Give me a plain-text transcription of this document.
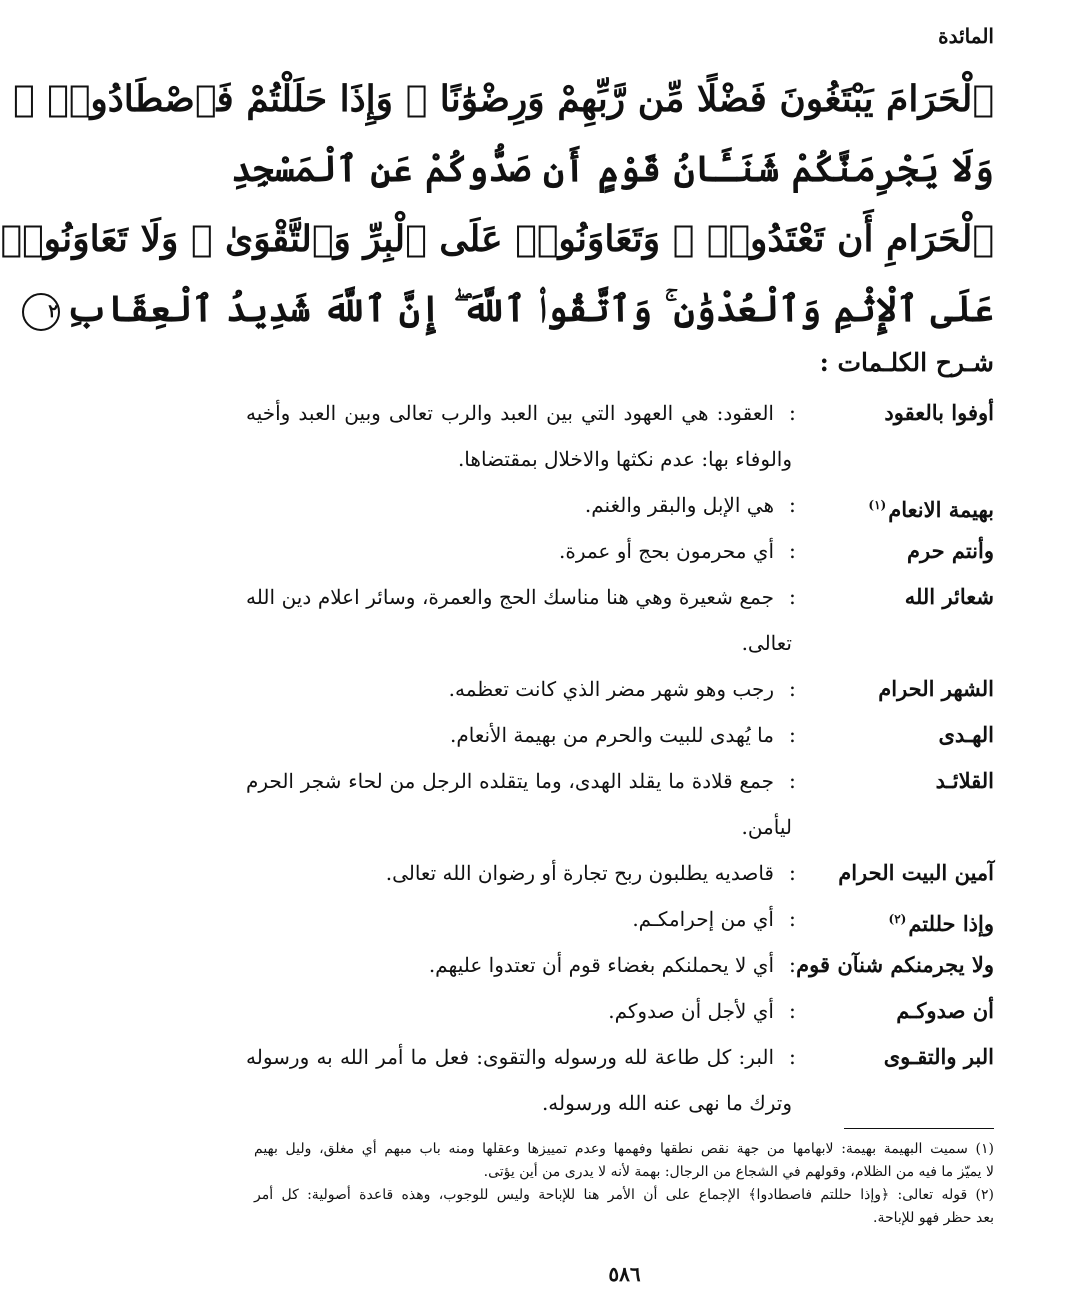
المائدة
ٱلْحَرَامَ يَبْتَغُونَ فَضْلًا مِّن رَّبِّهِمْ وَرِضْوَٰنًا ۚ وَإِذَا حَلَلْتُمْ فَٱصْطَادُوا۟ ۚ
وَلَا يَجْرِمَنَّكُمْ شَنَـَٔانُ قَوْمٍ أَن صَدُّوكُمْ عَنِ ٱلْمَسْجِدِ
ٱلْحَرَامِ أَن تَعْتَدُوا۟ ۘ وَتَعَاوَنُوا۟ عَلَى ٱلْبِرِّ وَٱلتَّقْوَىٰ ۖ وَلَا تَعَاوَنُوا۟
عَلَى ٱلْإِثْمِ وَٱلْعُدْوَٰنِ ۚ وَٱتَّقُوا۟ ٱللَّهَ ۖ إِنَّ ٱللَّهَ شَدِيدُ ٱلْعِقَابِ٢
شـرح الكلـمات :
أوفوا بالعقود
:
العقود: هي العهود التي بين العبد والرب تعالى وبين العبد وأخيه
والوفاء بها: عدم نكثها والاخلال بمقتضاها.
بهيمة الانعام$^{(١)}$
:
هي الإبل والبقر والغنم.
وأنتم حرم
:
أي محرمون بحج أو عمرة.
شعائر الله
:
جمع شعيرة وهي هنا مناسك الحج والعمرة، وسائر اعلام دين الله
تعالى.
الشهر الحرام
:
رجب وهو شهر مضر الذي كانت تعظمه.
الهـدى
:
ما يُهدى للبيت والحرم من بهيمة الأنعام.
القلائـد
:
جمع قلادة ما يقلد الهدى، وما يتقلده الرجل من لحاء شجر الحرم
ليأمن.
آمين البيت الحرام
:
قاصديه يطلبون ربح تجارة أو رضوان الله تعالى.
وإذا حللتم$^{(٢)}$
:
أي من إحرامكـم.
ولا يجرمنكم شنآن قوم
:
أي لا يحملنكم بغضاء قوم أن تعتدوا عليهم.
أن صدوكـم
:
أي لأجل أن صدوكم.
البر والتقـوى
:
البر: كل طاعة لله ورسوله والتقوى: فعل ما أمر الله به ورسوله
وترك ما نهى عنه الله ورسوله.
(١) سميت البهيمة بهيمة: لابهامها من جهة نقص نطقها وفهمها وعدم تمييزها وعقلها ومنه باب مبهم أي مغلق، وليل بهيم
لا يميّز ما فيه من الظلام، وقولهم في الشجاع من الرجال: بهمة لأنه لا يدرى من أين يؤتى.
(٢) قوله تعالى: ﴿وإذا حللتم فاصطادوا﴾ الإجماع على أن الأمر هنا للإباحة وليس للوجوب، وهذه قاعدة أصولية: كل أمر
بعد حظر فهو للإباحة.
٥٨٦
